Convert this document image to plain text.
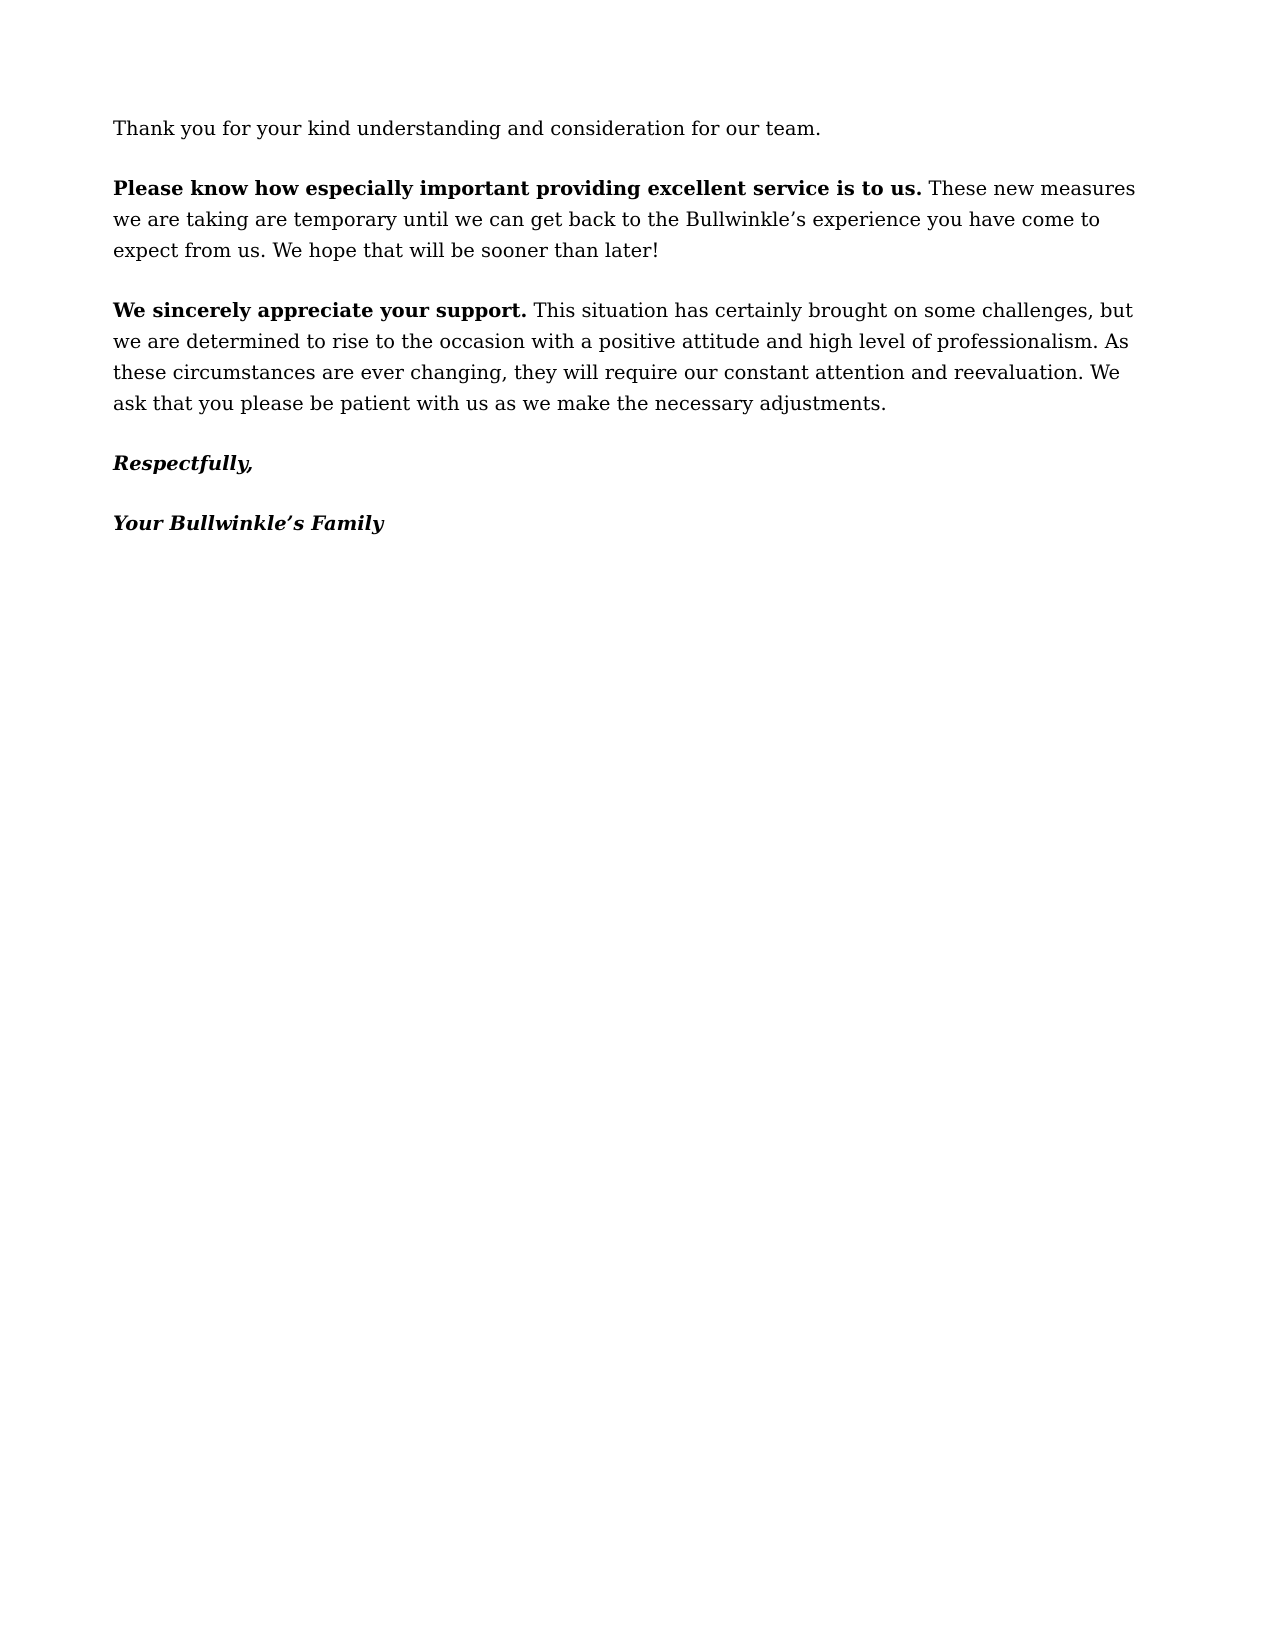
Thank you for your kind understanding and consideration for our team.

Please know how especially important providing excellent service is to us. These new measures we are taking are temporary until we can get back to the Bullwinkle’s experience you have come to expect from us. We hope that will be sooner than later!

We sincerely appreciate your support. This situation has certainly brought on some challenges, but we are determined to rise to the occasion with a positive attitude and high level of professionalism. As these circumstances are ever changing, they will require our constant attention and reevaluation. We ask that you please be patient with us as we make the necessary adjustments.

Respectfully,

Your Bullwinkle’s Family
